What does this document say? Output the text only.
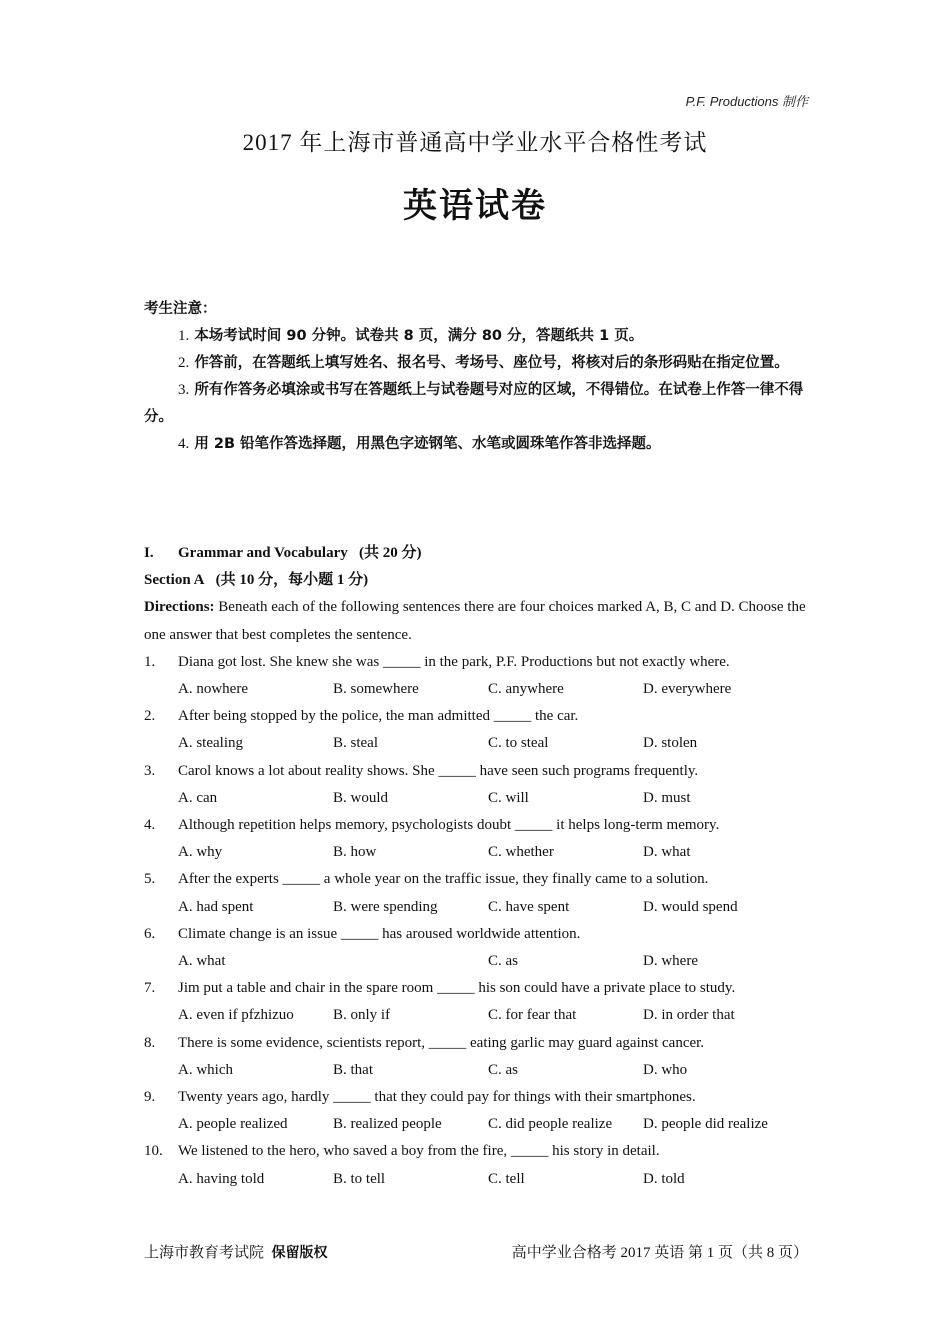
P.F. Productions 制作
2017 年上海市普通高中学业水平合格性考试
英语试卷
考生注意：
1. 本场考试时间 90 分钟。试卷共 8 页，满分 80 分，答题纸共 1 页。
2. 作答前，在答题纸上填写姓名、报名号、考场号、座位号，将核对后的条形码贴在指定位置。
3. 所有作答务必填涂或书写在答题纸上与试卷题号对应的区域，不得错位。在试卷上作答一律不得分。
4. 用 2B 铅笔作答选择题，用黑色字迹钢笔、水笔或圆珠笔作答非选择题。
I.	Grammar and Vocabulary
(共 20 分)
Section A (共 10 分，每小题 1 分)
Directions: Beneath each of the following sentences there are four choices marked A, B, C and D. Choose the one answer that best completes the sentence.
1.	Diana got lost. She knew she was _____ in the park, P.F. Productions but not exactly where.
A. nowhere	B. somewhere	C. anywhere	D. everywhere
2.	After being stopped by the police, the man admitted _____ the car.
A. stealing	B. steal	C. to steal	D. stolen
3.	Carol knows a lot about reality shows. She _____ have seen such programs frequently.
A. can	B. would	C. will	D. must
4.	Although repetition helps memory, psychologists doubt _____ it helps long-term memory.
A. why	B. how	C. whether	D. what
5.	After the experts _____ a whole year on the traffic issue, they finally came to a solution.
A. had spent	B. were spending	C. have spent	D. would spend
6.	Climate change is an issue _____ has aroused worldwide attention.
A. what	C. as	D. where
7.	Jim put a table and chair in the spare room _____ his son could have a private place to study.
A. even if pfzhizuo	B. only if	C. for fear that	D. in order that
8.	There is some evidence, scientists report, _____ eating garlic may guard against cancer.
A. which	B. that	C. as	D. who
9.	Twenty years ago, hardly _____ that they could pay for things with their smartphones.
A. people realized	B. realized people	C. did people realize	D. people did realize
10.	We listened to the hero, who saved a boy from the fire, _____ his story in detail.
A. having told	B. to tell	C. tell	D. told
上海市教育考试院 保留版权	高中学业合格考 2017 英语 第 1 页（共 8 页）
